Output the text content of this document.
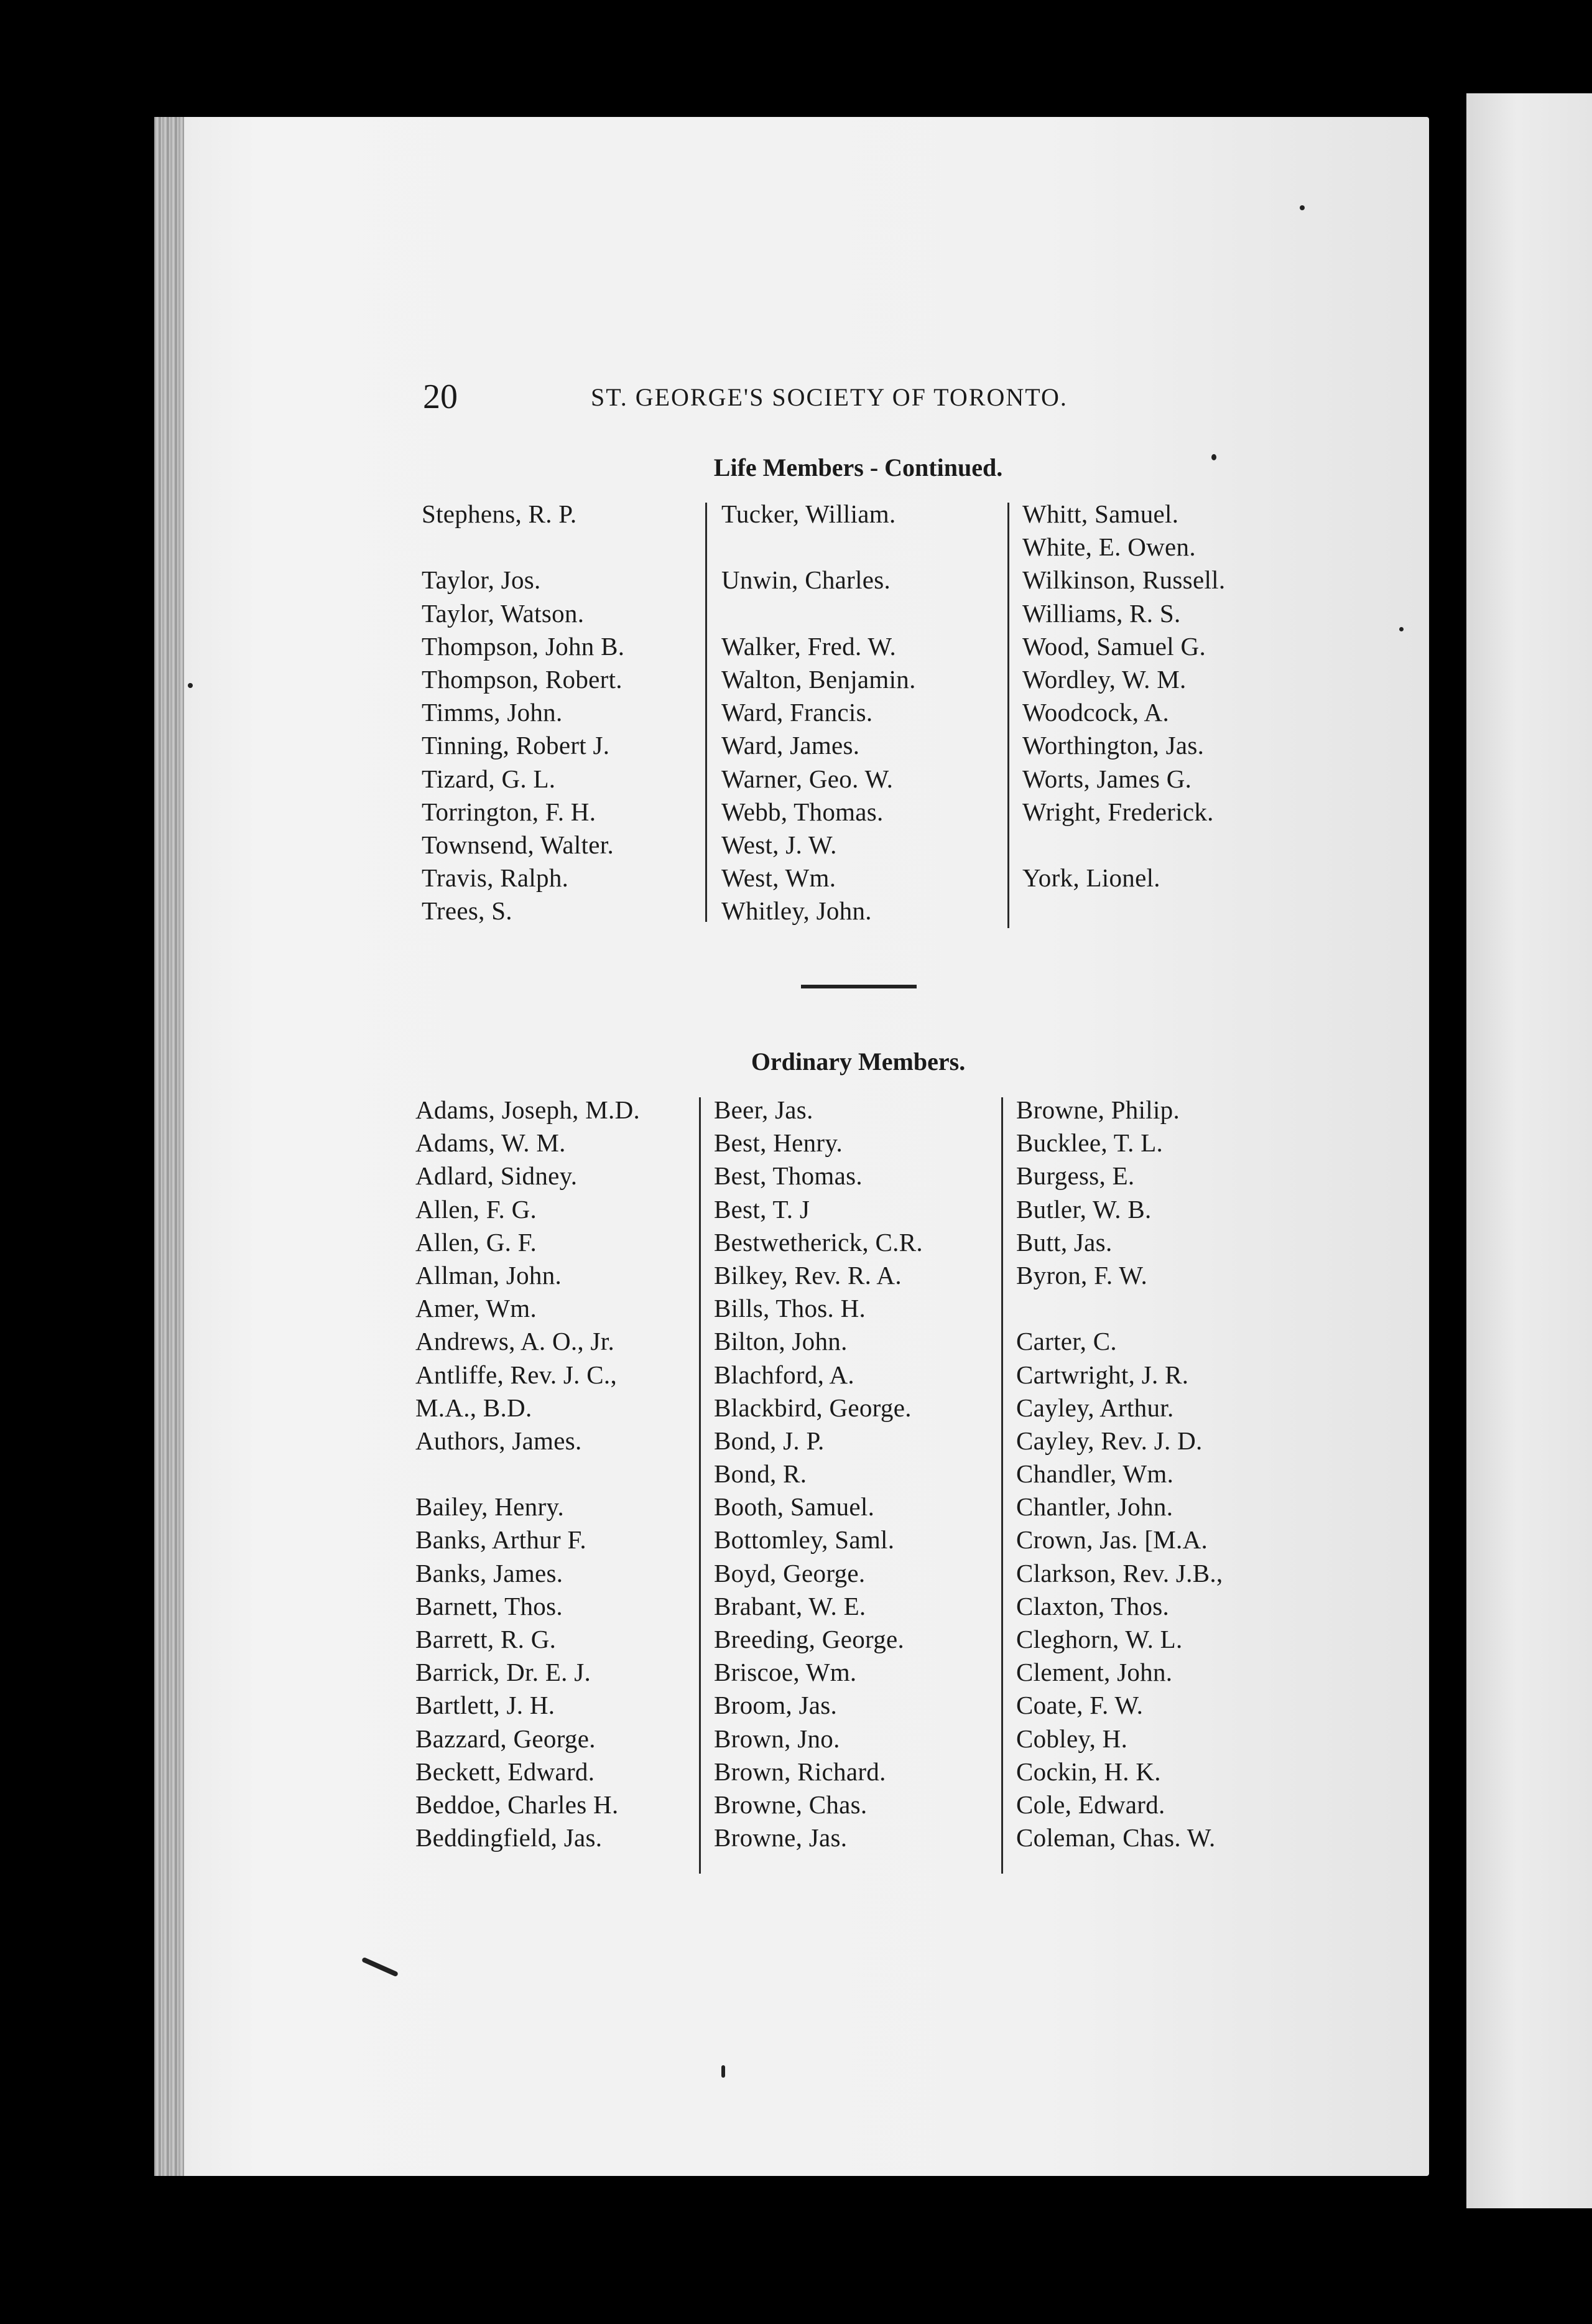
20	ST. GEORGE'S SOCIETY OF TORONTO.
Life Members - Continued.
Stephens, R. P.

Taylor, Jos.
Taylor, Watson.
Thompson, John B.
Thompson, Robert.
Timms, John.
Tinning, Robert J.
Tizard, G. L.
Torrington, F. H.
Townsend, Walter.
Travis, Ralph.
Trees, S.
Tucker, William.

Unwin, Charles.

Walker, Fred. W.
Walton, Benjamin.
Ward, Francis.
Ward, James.
Warner, Geo. W.
Webb, Thomas.
West, J. W.
West, Wm.
Whitley, John.
Whitt, Samuel.
White, E. Owen.
Wilkinson, Russell.
Williams, R. S.
Wood, Samuel G.
Wordley, W. M.
Woodcock, A.
Worthington, Jas.
Worts, James G.
Wright, Frederick.

York, Lionel.
Ordinary Members.
Adams, Joseph, M.D.
Adams, W. M.
Adlard, Sidney.
Allen, F. G.
Allen, G. F.
Allman, John.
Amer, Wm.
Andrews, A. O., Jr.
Antliffe, Rev. J. C.,
M.A., B.D.
Authors, James.

Bailey, Henry.
Banks, Arthur F.
Banks, James.
Barnett, Thos.
Barrett, R. G.
Barrick, Dr. E. J.
Bartlett, J. H.
Bazzard, George.
Beckett, Edward.
Beddoe, Charles H.
Beddingfield, Jas.
Beer, Jas.
Best, Henry.
Best, Thomas.
Best, T. J
Bestwetherick, C.R.
Bilkey, Rev. R. A.
Bills, Thos. H.
Bilton, John.
Blachford, A.
Blackbird, George.
Bond, J. P.
Bond, R.
Booth, Samuel.
Bottomley, Saml.
Boyd, George.
Brabant, W. E.
Breeding, George.
Briscoe, Wm.
Broom, Jas.
Brown, Jno.
Brown, Richard.
Browne, Chas.
Browne, Jas.
Browne, Philip.
Bucklee, T. L.
Burgess, E.
Butler, W. B.
Butt, Jas.
Byron, F. W.

Carter, C.
Cartwright, J. R.
Cayley, Arthur.
Cayley, Rev. J. D.
Chandler, Wm.
Chantler, John.
Crown, Jas. [M.A.
Clarkson, Rev. J.B.,
Claxton, Thos.
Cleghorn, W. L.
Clement, John.
Coate, F. W.
Cobley, H.
Cockin, H. K.
Cole, Edward.
Coleman, Chas. W.
